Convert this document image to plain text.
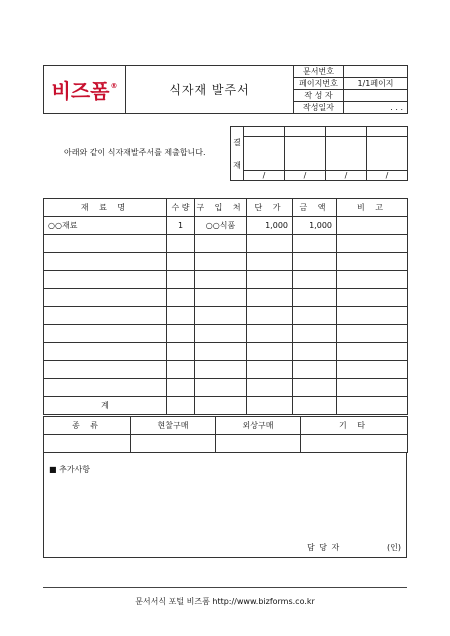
비즈폼®	식자재 발주서	문서번호	
		페이지번호	1/1페이지
		작 성 자	
		작성일자	. . .
아래와 같이 식자재발주서를 제출합니다.
결
재				

	/	/	/	/
재 료 명	수 량	구 입 처	단 가	금 액	비 고
○○재료	1	○○식품	1,000	1,000	

계					
종 류	현찰구매	외상구매	기 타

■ 추가사항
담 당 자	(인)
문서서식 포털 비즈폼 http://www.bizforms.co.kr
